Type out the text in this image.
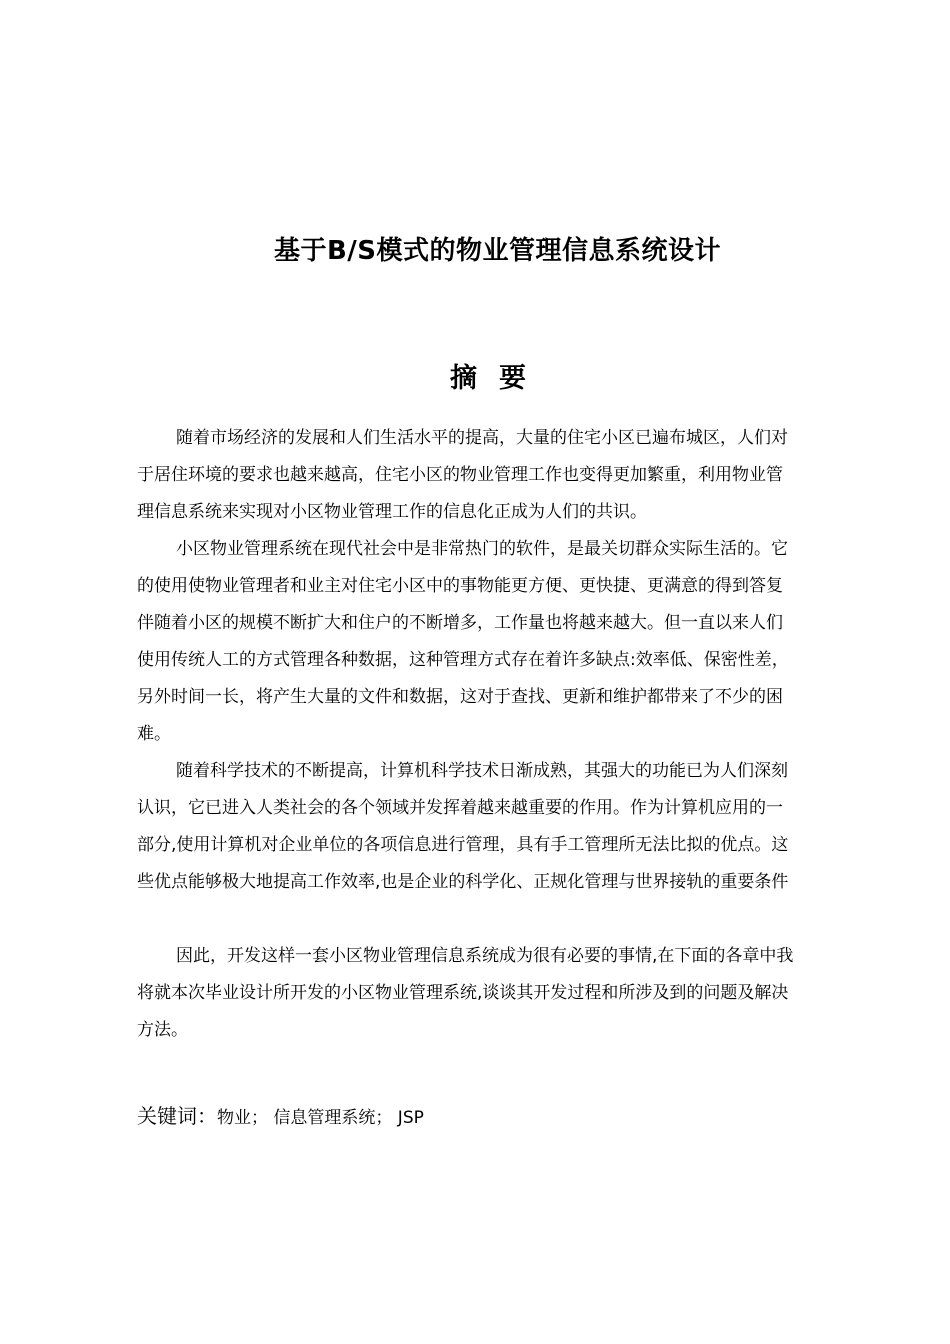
基于B/S模式的物业管理信息系统设计
摘要
随着市场经济的发展和人们生活水平的提高，大量的住宅小区已遍布城区，人们对
于居住环境的要求也越来越高，住宅小区的物业管理工作也变得更加繁重，利用物业管
理信息系统来实现对小区物业管理工作的信息化正成为人们的共识。
小区物业管理系统在现代社会中是非常热门的软件，是最关切群众实际生活的。它
的使用使物业管理者和业主对住宅小区中的事物能更方便、更快捷、更满意的得到答复
伴随着小区的规模不断扩大和住户的不断增多，工作量也将越来越大。但一直以来人们
使用传统人工的方式管理各种数据，这种管理方式存在着许多缺点:效率低、保密性差，
另外时间一长，将产生大量的文件和数据，这对于查找、更新和维护都带来了不少的困
难。
随着科学技术的不断提高，计算机科学技术日渐成熟，其强大的功能已为人们深刻
认识，它已进入人类社会的各个领域并发挥着越来越重要的作用。作为计算机应用的一
部分,使用计算机对企业单位的各项信息进行管理，具有手工管理所无法比拟的优点。这
些优点能够极大地提高工作效率,也是企业的科学化、正规化管理与世界接轨的重要条件
因此，开发这样一套小区物业管理信息系统成为很有必要的事情,在下面的各章中我
将就本次毕业设计所开发的小区物业管理系统,谈谈其开发过程和所涉及到的问题及解决
方法。
关键词：物业； 信息管理系统； JSP
